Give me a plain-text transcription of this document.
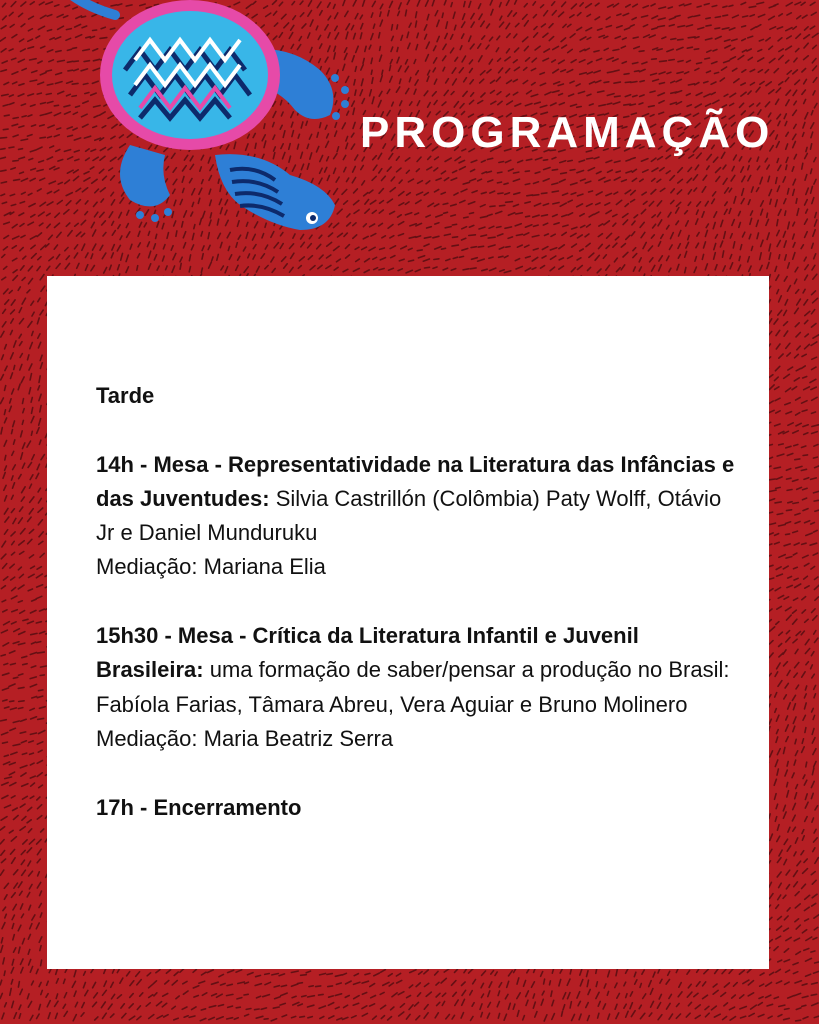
PROGRAMAÇÃO

Tarde

14h - Mesa - Representatividade na Literatura das Infâncias e das Juventudes: Silvia Castrillón (Colômbia) Paty Wolff, Otávio Jr e Daniel Munduruku

Mediação: Mariana Elia

15h30 - Mesa - Crítica da Literatura Infantil e Juvenil Brasileira: uma formação de saber/pensar a produção no Brasil: Fabíola Farias, Tâmara Abreu, Vera Aguiar e Bruno Molinero

Mediação: Maria Beatriz Serra

17h - Encerramento
